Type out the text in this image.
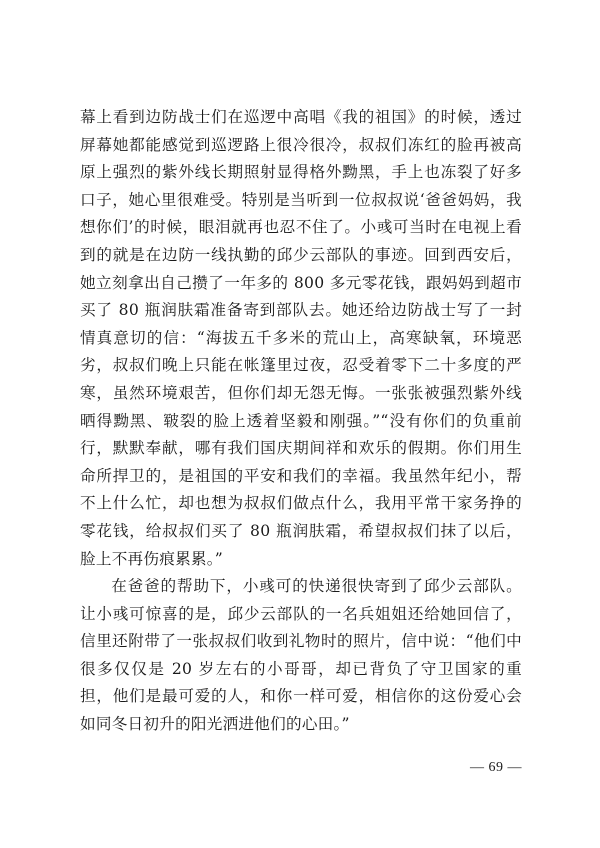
幕上看到边防战士们在巡逻中高唱《我的祖国》的时候，透过屏幕她都能感觉到巡逻路上很冷很冷，叔叔们冻红的脸再被高原上强烈的紫外线长期照射显得格外黝黑，手上也冻裂了好多口子，她心里很难受。特别是当听到一位叔叔说‘爸爸妈妈，我想你们’的时候，眼泪就再也忍不住了。小彧可当时在电视上看到的就是在边防一线执勤的邱少云部队的事迹。回到西安后，她立刻拿出自己攒了一年多的 800 多元零花钱，跟妈妈到超市买了 80 瓶润肤霜准备寄到部队去。她还给边防战士写了一封情真意切的信：“海拔五千多米的荒山上，高寒缺氧，环境恶劣，叔叔们晚上只能在帐篷里过夜，忍受着零下二十多度的严寒，虽然环境艰苦，但你们却无怨无悔。一张张被强烈紫外线晒得黝黑、皲裂的脸上透着坚毅和刚强。”“没有你们的负重前行，默默奉献，哪有我们国庆期间祥和欢乐的假期。你们用生命所捍卫的，是祖国的平安和我们的幸福。我虽然年纪小，帮不上什么忙，却也想为叔叔们做点什么，我用平常干家务挣的零花钱，给叔叔们买了 80 瓶润肤霜，希望叔叔们抹了以后，脸上不再伤痕累累。”

在爸爸的帮助下，小彧可的快递很快寄到了邱少云部队。让小彧可惊喜的是，邱少云部队的一名兵姐姐还给她回信了，信里还附带了一张叔叔们收到礼物时的照片，信中说：“他们中很多仅仅是 20 岁左右的小哥哥，却已背负了守卫国家的重担，他们是最可爱的人，和你一样可爱，相信你的这份爱心会如同冬日初升的阳光洒进他们的心田。”

— 69 —
